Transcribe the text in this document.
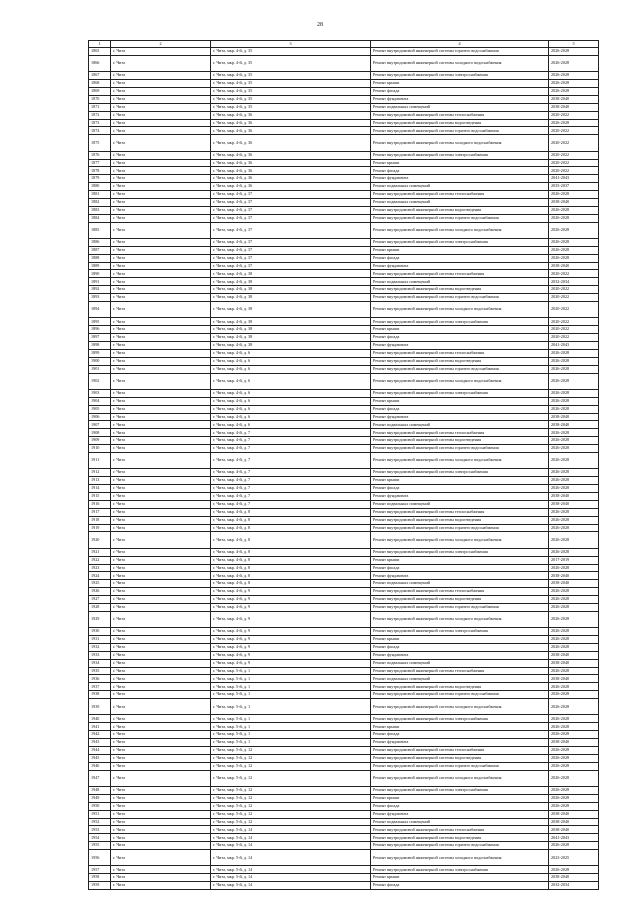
28
1	2	3	4	5
1865	г. Чита	г. Чита, мкр. 4-й, д. 35	Ремонт внутридомовой инженерной системы горячего водоснабжения	2026-2028
1866	г. Чита	г. Чита, мкр. 4-й, д. 35	Ремонт внутридомовой инженерной системы холодного водоснабжения	2026-2028
1867	г. Чита	г. Чита, мкр. 4-й, д. 35	Ремонт внутридомовой инженерной системы электроснабжения	2026-2028
1868	г. Чита	г. Чита, мкр. 4-й, д. 35	Ремонт крыши	2026-2028
1869	г. Чита	г. Чита, мкр. 4-й, д. 35	Ремонт фасада	2026-2028
1870	г. Чита	г. Чита, мкр. 4-й, д. 35	Ремонт фундамента	2038-2040
1871	г. Чита	г. Чита, мкр. 4-й, д. 35	Ремонт подвальных помещений	2038-2040
1872	г. Чита	г. Чита, мкр. 4-й, д. 36	Ремонт внутридомовой инженерной системы теплоснабжения	2020-2022
1873	г. Чита	г. Чита, мкр. 4-й, д. 36	Ремонт внутридомовой инженерной системы водоотведения	2026-2028
1874	г. Чита	г. Чита, мкр. 4-й, д. 36	Ремонт внутридомовой инженерной системы горячего водоснабжения	2020-2022
1875	г. Чита	г. Чита, мкр. 4-й, д. 36	Ремонт внутридомовой инженерной системы холодного водоснабжения	2020-2022
1876	г. Чита	г. Чита, мкр. 4-й, д. 36	Ремонт внутридомовой инженерной системы электроснабжения	2020-2022
1877	г. Чита	г. Чита, мкр. 4-й, д. 36	Ремонт крыши	2020-2022
1878	г. Чита	г. Чита, мкр. 4-й, д. 36	Ремонт фасада	2020-2022
1879	г. Чита	г. Чита, мкр. 4-й, д. 36	Ремонт фундамента	2041-2043
1880	г. Чита	г. Чита, мкр. 4-й, д. 36	Ремонт подвальных помещений	2035-2037
1881	г. Чита	г. Чита, мкр. 4-й, д. 37	Ремонт внутридомовой инженерной системы теплоснабжения	2026-2028
1882	г. Чита	г. Чита, мкр. 4-й, д. 37	Ремонт подвальных помещений	2038-2040
1883	г. Чита	г. Чита, мкр. 4-й, д. 37	Ремонт внутридомовой инженерной системы водоотведения	2026-2028
1884	г. Чита	г. Чита, мкр. 4-й, д. 37	Ремонт внутридомовой инженерной системы горячего водоснабжения	2026-2028
1885	г. Чита	г. Чита, мкр. 4-й, д. 37	Ремонт внутридомовой инженерной системы холодного водоснабжения	2026-2028
1886	г. Чита	г. Чита, мкр. 4-й, д. 37	Ремонт внутридомовой инженерной системы электроснабжения	2026-2028
1887	г. Чита	г. Чита, мкр. 4-й, д. 37	Ремонт крыши	2026-2028
1888	г. Чита	г. Чита, мкр. 4-й, д. 37	Ремонт фасада	2026-2028
1889	г. Чита	г. Чита, мкр. 4-й, д. 37	Ремонт фундамента	2038-2040
1890	г. Чита	г. Чита, мкр. 4-й, д. 38	Ремонт внутридомовой инженерной системы теплоснабжения	2020-2022
1891	г. Чита	г. Чита, мкр. 4-й, д. 38	Ремонт подвальных помещений	2032-2034
1892	г. Чита	г. Чита, мкр. 4-й, д. 38	Ремонт внутридомовой инженерной системы водоотведения	2020-2022
1893	г. Чита	г. Чита, мкр. 4-й, д. 38	Ремонт внутридомовой инженерной системы горячего водоснабжения	2020-2022
1894	г. Чита	г. Чита, мкр. 4-й, д. 38	Ремонт внутридомовой инженерной системы холодного водоснабжения	2020-2022
1895	г. Чита	г. Чита, мкр. 4-й, д. 38	Ремонт внутридомовой инженерной системы электроснабжения	2020-2022
1896	г. Чита	г. Чита, мкр. 4-й, д. 38	Ремонт крыши	2020-2022
1897	г. Чита	г. Чита, мкр. 4-й, д. 38	Ремонт фасада	2020-2022
1898	г. Чита	г. Чита, мкр. 4-й, д. 38	Ремонт фундамента	2041-2043
1899	г. Чита	г. Чита, мкр. 4-й, д. 6	Ремонт внутридомовой инженерной системы теплоснабжения	2026-2028
1900	г. Чита	г. Чита, мкр. 4-й, д. 6	Ремонт внутридомовой инженерной системы водоотведения	2026-2028
1901	г. Чита	г. Чита, мкр. 4-й, д. 6	Ремонт внутридомовой инженерной системы горячего водоснабжения	2026-2028
1902	г. Чита	г. Чита, мкр. 4-й, д. 6	Ремонт внутридомовой инженерной системы холодного водоснабжения	2026-2028
1903	г. Чита	г. Чита, мкр. 4-й, д. 6	Ремонт внутридомовой инженерной системы электроснабжения	2026-2028
1904	г. Чита	г. Чита, мкр. 4-й, д. 6	Ремонт крыши	2026-2028
1905	г. Чита	г. Чита, мкр. 4-й, д. 6	Ремонт фасада	2026-2028
1906	г. Чита	г. Чита, мкр. 4-й, д. 6	Ремонт фундамента	2038-2040
1907	г. Чита	г. Чита, мкр. 4-й, д. 6	Ремонт подвальных помещений	2038-2040
1908	г. Чита	г. Чита, мкр. 4-й, д. 7	Ремонт внутридомовой инженерной системы теплоснабжения	2026-2028
1909	г. Чита	г. Чита, мкр. 4-й, д. 7	Ремонт внутридомовой инженерной системы водоотведения	2026-2028
1910	г. Чита	г. Чита, мкр. 4-й, д. 7	Ремонт внутридомовой инженерной системы горячего водоснабжения	2026-2028
1911	г. Чита	г. Чита, мкр. 4-й, д. 7	Ремонт внутридомовой инженерной системы холодного водоснабжения	2026-2028
1912	г. Чита	г. Чита, мкр. 4-й, д. 7	Ремонт внутридомовой инженерной системы электроснабжения	2026-2028
1913	г. Чита	г. Чита, мкр. 4-й, д. 7	Ремонт крыши	2026-2028
1914	г. Чита	г. Чита, мкр. 4-й, д. 7	Ремонт фасада	2026-2028
1915	г. Чита	г. Чита, мкр. 4-й, д. 7	Ремонт фундамента	2038-2040
1916	г. Чита	г. Чита, мкр. 4-й, д. 7	Ремонт подвальных помещений	2038-2040
1917	г. Чита	г. Чита, мкр. 4-й, д. 8	Ремонт внутридомовой инженерной системы теплоснабжения	2026-2028
1918	г. Чита	г. Чита, мкр. 4-й, д. 8	Ремонт внутридомовой инженерной системы водоотведения	2026-2028
1919	г. Чита	г. Чита, мкр. 4-й, д. 8	Ремонт внутридомовой инженерной системы горячего водоснабжения	2026-2028
1920	г. Чита	г. Чита, мкр. 4-й, д. 8	Ремонт внутридомовой инженерной системы холодного водоснабжения	2026-2028
1921	г. Чита	г. Чита, мкр. 4-й, д. 8	Ремонт внутридомовой инженерной системы электроснабжения	2026-2028
1922	г. Чита	г. Чита, мкр. 4-й, д. 8	Ремонт крыши	2017-2019
1923	г. Чита	г. Чита, мкр. 4-й, д. 8	Ремонт фасада	2026-2028
1924	г. Чита	г. Чита, мкр. 4-й, д. 8	Ремонт фундамента	2038-2040
1925	г. Чита	г. Чита, мкр. 4-й, д. 8	Ремонт подвальных помещений	2038-2040
1926	г. Чита	г. Чита, мкр. 4-й, д. 9	Ремонт внутридомовой инженерной системы теплоснабжения	2026-2028
1927	г. Чита	г. Чита, мкр. 4-й, д. 9	Ремонт внутридомовой инженерной системы водоотведения	2026-2028
1928	г. Чита	г. Чита, мкр. 4-й, д. 9	Ремонт внутридомовой инженерной системы горячего водоснабжения	2026-2028
1929	г. Чита	г. Чита, мкр. 4-й, д. 9	Ремонт внутридомовой инженерной системы холодного водоснабжения	2026-2028
1930	г. Чита	г. Чита, мкр. 4-й, д. 9	Ремонт внутридомовой инженерной системы электроснабжения	2026-2028
1931	г. Чита	г. Чита, мкр. 4-й, д. 9	Ремонт крыши	2026-2028
1932	г. Чита	г. Чита, мкр. 4-й, д. 9	Ремонт фасада	2026-2028
1933	г. Чита	г. Чита, мкр. 4-й, д. 9	Ремонт фундамента	2038-2040
1934	г. Чита	г. Чита, мкр. 4-й, д. 9	Ремонт подвальных помещений	2038-2040
1935	г. Чита	г. Чита, мкр. 5-й, д. 1	Ремонт внутридомовой инженерной системы теплоснабжения	2026-2028
1936	г. Чита	г. Чита, мкр. 5-й, д. 1	Ремонт подвальных помещений	2038-2040
1937	г. Чита	г. Чита, мкр. 5-й, д. 1	Ремонт внутридомовой инженерной системы водоотведения	2026-2028
1938	г. Чита	г. Чита, мкр. 5-й, д. 1	Ремонт внутридомовой инженерной системы горячего водоснабжения	2026-2028
1939	г. Чита	г. Чита, мкр. 5-й, д. 1	Ремонт внутридомовой инженерной системы холодного водоснабжения	2026-2028
1940	г. Чита	г. Чита, мкр. 5-й, д. 1	Ремонт внутридомовой инженерной системы электроснабжения	2026-2028
1941	г. Чита	г. Чита, мкр. 5-й, д. 1	Ремонт крыши	2026-2028
1942	г. Чита	г. Чита, мкр. 5-й, д. 1	Ремонт фасада	2026-2028
1943	г. Чита	г. Чита, мкр. 5-й, д. 1	Ремонт фундамента	2038-2040
1944	г. Чита	г. Чита, мкр. 5-й, д. 12	Ремонт внутридомовой инженерной системы теплоснабжения	2026-2028
1945	г. Чита	г. Чита, мкр. 5-й, д. 12	Ремонт внутридомовой инженерной системы водоотведения	2026-2028
1946	г. Чита	г. Чита, мкр. 5-й, д. 12	Ремонт внутридомовой инженерной системы горячего водоснабжения	2026-2028
1947	г. Чита	г. Чита, мкр. 5-й, д. 12	Ремонт внутридомовой инженерной системы холодного водоснабжения	2026-2028
1948	г. Чита	г. Чита, мкр. 5-й, д. 12	Ремонт внутридомовой инженерной системы электроснабжения	2026-2028
1949	г. Чита	г. Чита, мкр. 5-й, д. 12	Ремонт крыши	2026-2028
1950	г. Чита	г. Чита, мкр. 5-й, д. 12	Ремонт фасада	2026-2028
1951	г. Чита	г. Чита, мкр. 5-й, д. 12	Ремонт фундамента	2038-2040
1952	г. Чита	г. Чита, мкр. 5-й, д. 12	Ремонт подвальных помещений	2038-2040
1953	г. Чита	г. Чита, мкр. 5-й, д. 14	Ремонт внутридомовой инженерной системы теплоснабжения	2038-2040
1954	г. Чита	г. Чита, мкр. 5-й, д. 14	Ремонт внутридомовой инженерной системы водоотведения	2041-2043
1955	г. Чита	г. Чита, мкр. 5-й, д. 14	Ремонт внутридомовой инженерной системы горячего водоснабжения	2026-2028
1956	г. Чита	г. Чита, мкр. 5-й, д. 14	Ремонт внутридомовой инженерной системы холодного водоснабжения	2023-2025
1957	г. Чита	г. Чита, мкр. 5-й, д. 14	Ремонт внутридомовой инженерной системы электроснабжения	2026-2028
1958	г. Чита	г. Чита, мкр. 5-й, д. 14	Ремонт крыши	2038-2040
1959	г. Чита	г. Чита, мкр. 5-й, д. 14	Ремонт фасада	2032-2034
